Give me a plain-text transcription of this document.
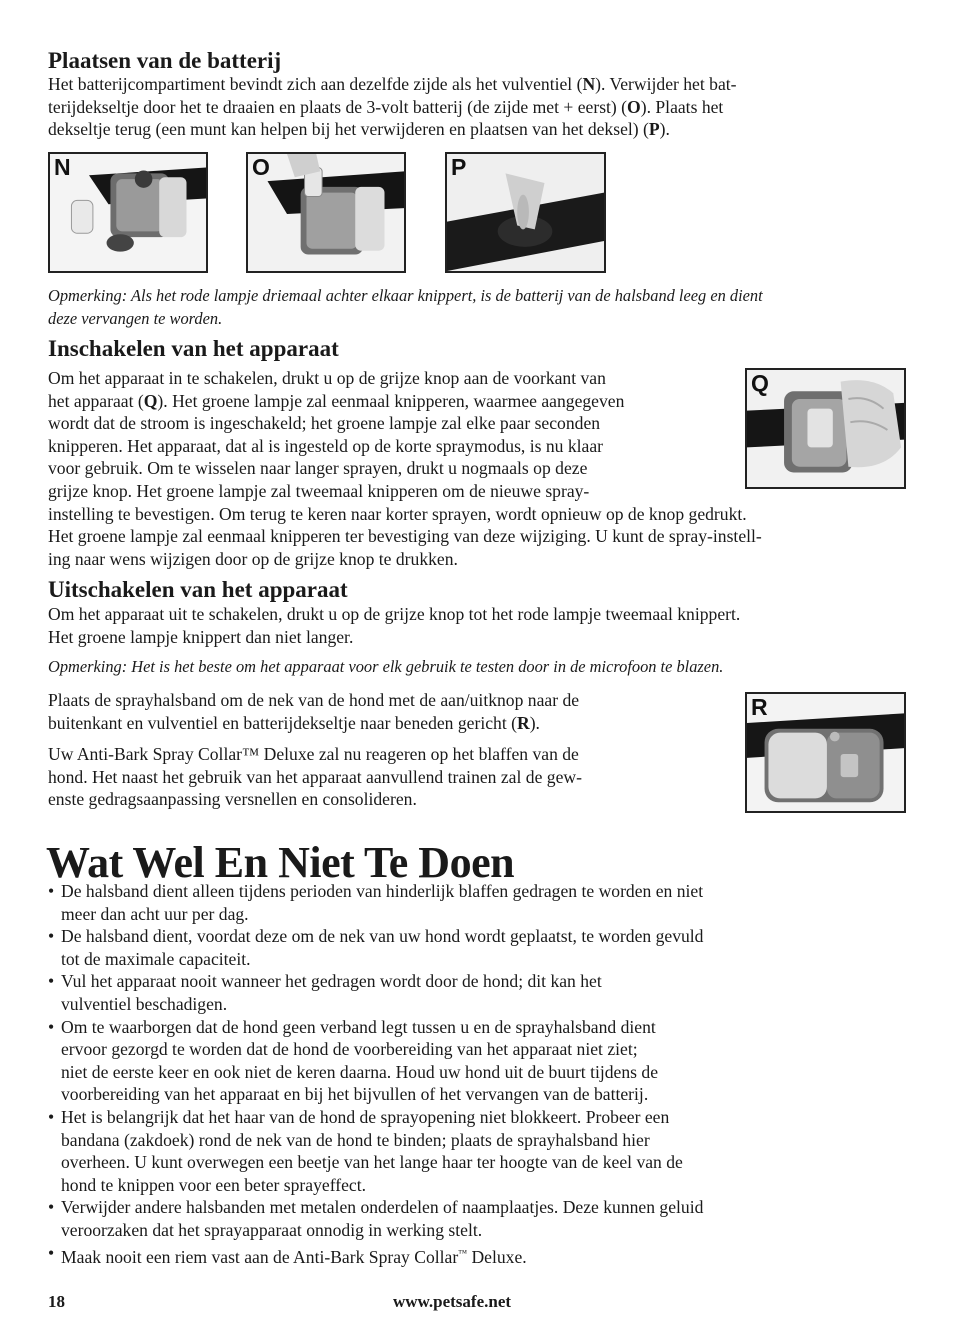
Plaatsen van de batterij
Het batterijcompartiment bevindt zich aan dezelfde zijde als het vulventiel (N). Verwijder het bat-
terijdekseltje door het te draaien en plaats de 3-volt batterij (de zijde met + eerst) (O). Plaats het
dekseltje terug (een munt kan helpen bij het verwijderen en plaatsen van het deksel) (P).
N	O	P
Opmerking: Als het rode lampje driemaal achter elkaar knippert, is de batterij van de halsband leeg en dient
deze vervangen te worden.
Inschakelen van het apparaat
Om het apparaat in te schakelen, drukt u op de grijze knop aan de voorkant van
het apparaat (Q). Het groene lampje zal eenmaal knipperen, waarmee aangegeven
wordt dat de stroom is ingeschakeld; het groene lampje zal elke paar seconden
knipperen. Het apparaat, dat al is ingesteld op de korte spraymodus, is nu klaar
voor gebruik. Om te wisselen naar langer sprayen, drukt u nogmaals op deze
grijze knop. Het groene lampje zal tweemaal knipperen om de nieuwe spray-
instelling te bevestigen. Om terug te keren naar korter sprayen, wordt opnieuw op de knop gedrukt.
Het groene lampje zal eenmaal knipperen ter bevestiging van deze wijziging. U kunt de spray-instell-
ing naar wens wijzigen door op de grijze knop te drukken.
Q
Uitschakelen van het apparaat
Om het apparaat uit te schakelen, drukt u op de grijze knop tot het rode lampje tweemaal knippert.
Het groene lampje knippert dan niet langer.
Opmerking: Het is het beste om het apparaat voor elk gebruik te testen door in de microfoon te blazen.
Plaats de sprayhalsband om de nek van de hond met de aan/uitknop naar de
buitenkant en vulventiel en batterijdekseltje naar beneden gericht (R).
Uw Anti-Bark Spray Collar™ Deluxe zal nu reageren op het blaffen van de
hond. Het naast het gebruik van het apparaat aanvullend trainen zal de gew-
enste gedragsaanpassing versnellen en consolideren.
R
Wat Wel En Niet Te Doen
• De halsband dient alleen tijdens perioden van hinderlijk blaffen gedragen te worden en niet
meer dan acht uur per dag.
• De halsband dient, voordat deze om de nek van uw hond wordt geplaatst, te worden gevuld
tot de maximale capaciteit.
• Vul het apparaat nooit wanneer het gedragen wordt door de hond; dit kan het
vulventiel beschadigen.
• Om te waarborgen dat de hond geen verband legt tussen u en de sprayhalsband dient
ervoor gezorgd te worden dat de hond de voorbereiding van het apparaat niet ziet;
niet de eerste keer en ook niet de keren daarna. Houd uw hond uit de buurt tijdens de
voorbereiding van het apparaat en bij het bijvullen of het vervangen van de batterij.
• Het is belangrijk dat het haar van de hond de sprayopening niet blokkeert. Probeer een
bandana (zakdoek) rond de nek van de hond te binden; plaats de sprayhalsband hier
overheen. U kunt overwegen een beetje van het lange haar ter hoogte van de keel van de
hond te knippen voor een beter sprayeffect.
• Verwijder andere halsbanden met metalen onderdelen of naamplaatjes. Deze kunnen geluid
veroorzaken dat het sprayapparaat onnodig in werking stelt.
• Maak nooit een riem vast aan de Anti-Bark Spray Collar™ Deluxe.
18	www.petsafe.net
